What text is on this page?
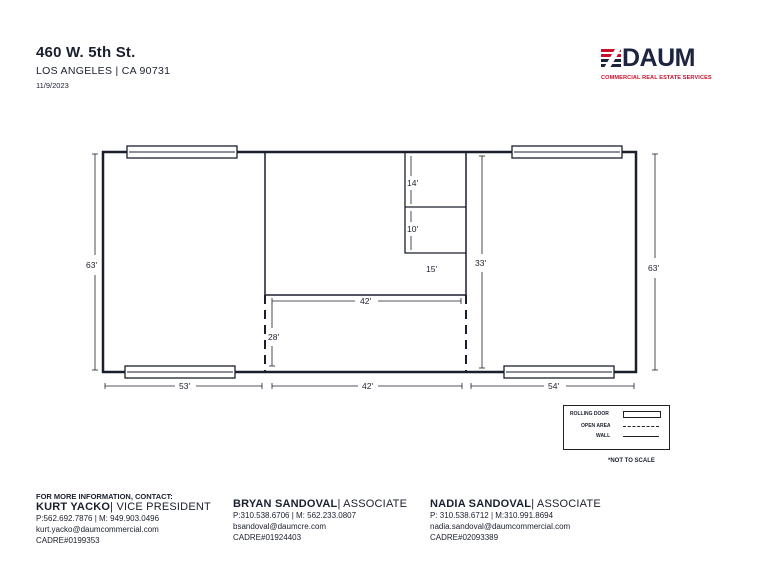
460 W. 5th St.
LOS ANGELES | CA 90731
11/9/2023
DAUM
COMMERCIAL REAL ESTATE SERVICES
63'	63'
53'	42'	54'
42'
28'
33'
14'
10'
15'
ROLLING DOOR
OPEN AREA
WALL
*NOT TO SCALE
FOR MORE INFORMATION, CONTACT:
KURT YACKO| VICE PRESIDENT
P:562.692.7876 | M: 949.903.0496
kurt.yacko@daumcommercial.com
CADRE#0199353
BRYAN SANDOVAL| ASSOCIATE
P:310.538.6706 | M: 562.233.0807
bsandoval@daumcre.com
CADRE#01924403
NADIA SANDOVAL| ASSOCIATE
P: 310.538.6712 | M:310.991.8694
nadia.sandoval@daumcommercial.com
CADRE#02093389
